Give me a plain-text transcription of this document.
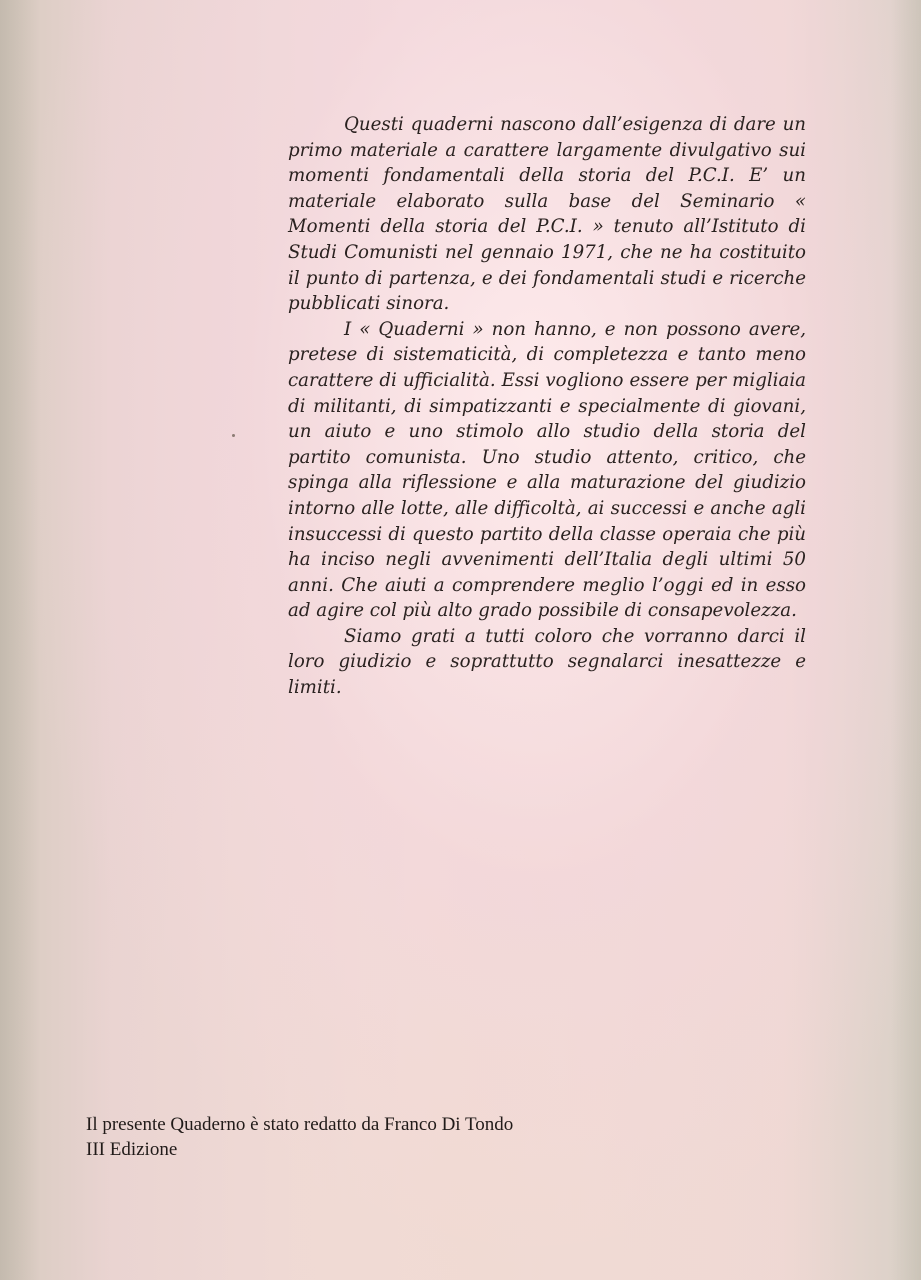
Questi quaderni nascono dall’esigenza di dare un primo materiale a carattere largamente divulgativo sui momenti fondamentali della storia del P.C.I. E’ un materiale elaborato sulla base del Seminario « Momenti della storia del P.C.I. » tenuto all’Istituto di Studi Comunisti nel gennaio 1971, che ne ha costituito il punto di partenza, e dei fondamentali studi e ricerche pubblicati sinora.

I « Quaderni » non hanno, e non possono avere, pretese di sistematicità, di completezza e tanto meno carattere di ufficialità. Essi vogliono essere per migliaia di militanti, di simpatizzanti e specialmente di giovani, un aiuto e uno stimolo allo studio della storia del partito comunista. Uno studio attento, critico, che spinga alla riflessione e alla maturazione del giudizio intorno alle lotte, alle difficoltà, ai successi e anche agli insuccessi di questo partito della classe operaia che più ha inciso negli avvenimenti dell’Italia degli ultimi 50 anni. Che aiuti a comprendere meglio l’oggi ed in esso ad agire col più alto grado possibile di consapevolezza.

Siamo grati a tutti coloro che vorranno darci il loro giudizio e soprattutto segnalarci inesattezze e limiti.

Il presente Quaderno è stato redatto da Franco Di Tondo
III Edizione
